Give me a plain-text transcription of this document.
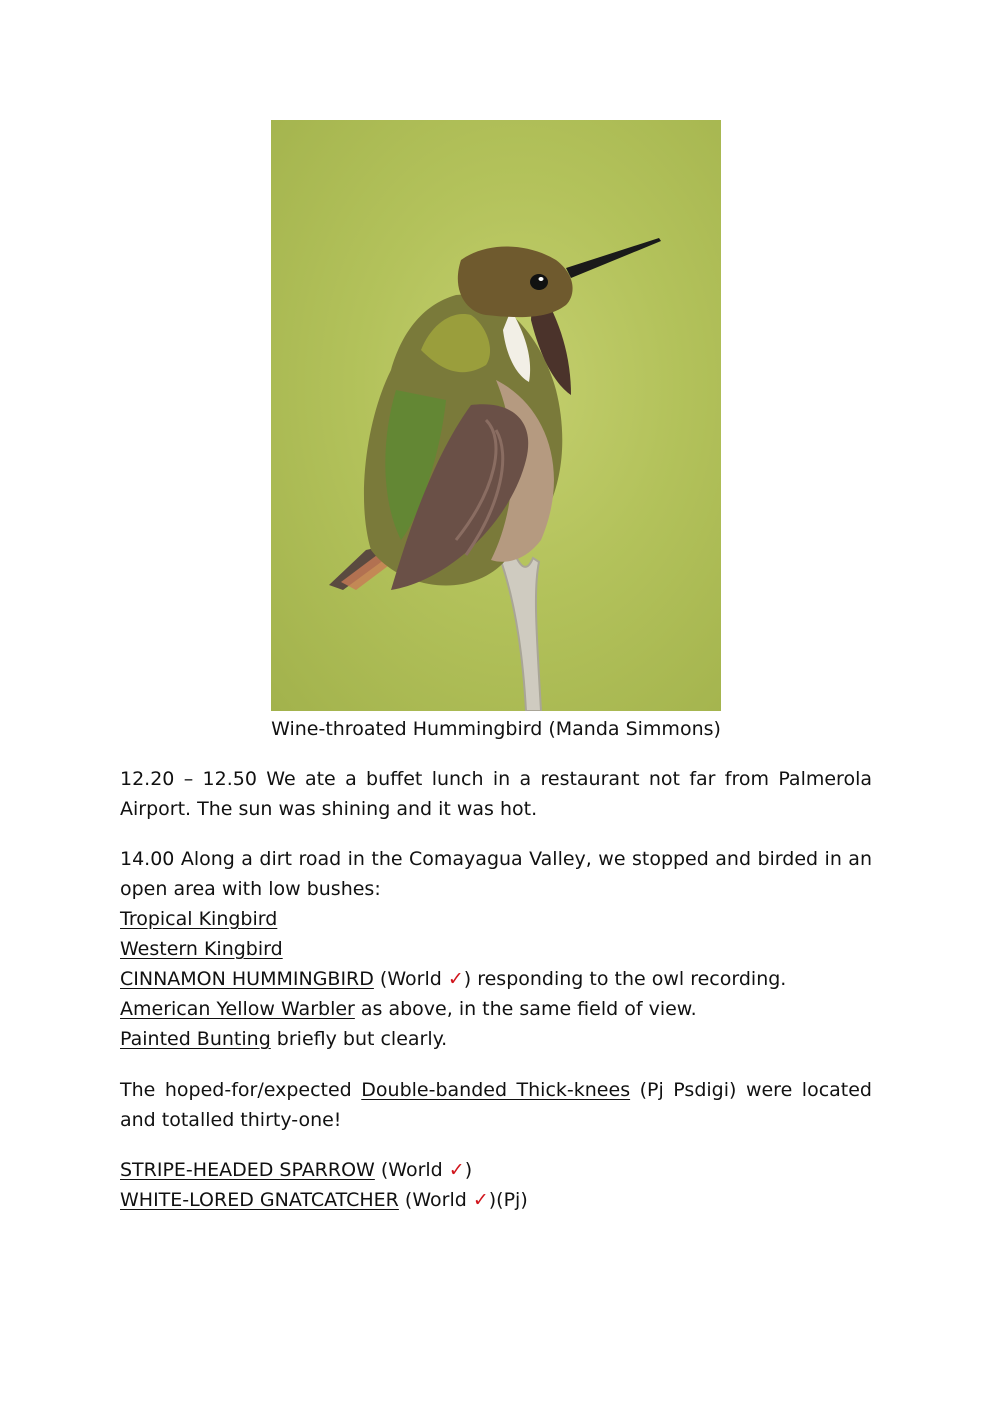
Wine-throated Hummingbird (Manda Simmons)
12.20 – 12.50 We ate a buffet lunch in a restaurant not far from Palmerola Airport. The sun was shining and it was hot.
14.00 Along a dirt road in the Comayagua Valley, we stopped and birded in an open area with low bushes:
Tropical Kingbird
Western Kingbird
CINNAMON HUMMINGBIRD (World ✓) responding to the owl recording.
American Yellow Warbler as above, in the same field of view.
Painted Bunting briefly but clearly.
The hoped-for/expected Double-banded Thick-knees (Pj Psdigi) were located and totalled thirty-one!
STRIPE-HEADED SPARROW (World ✓)
WHITE-LORED GNATCATCHER (World ✓)(Pj)
